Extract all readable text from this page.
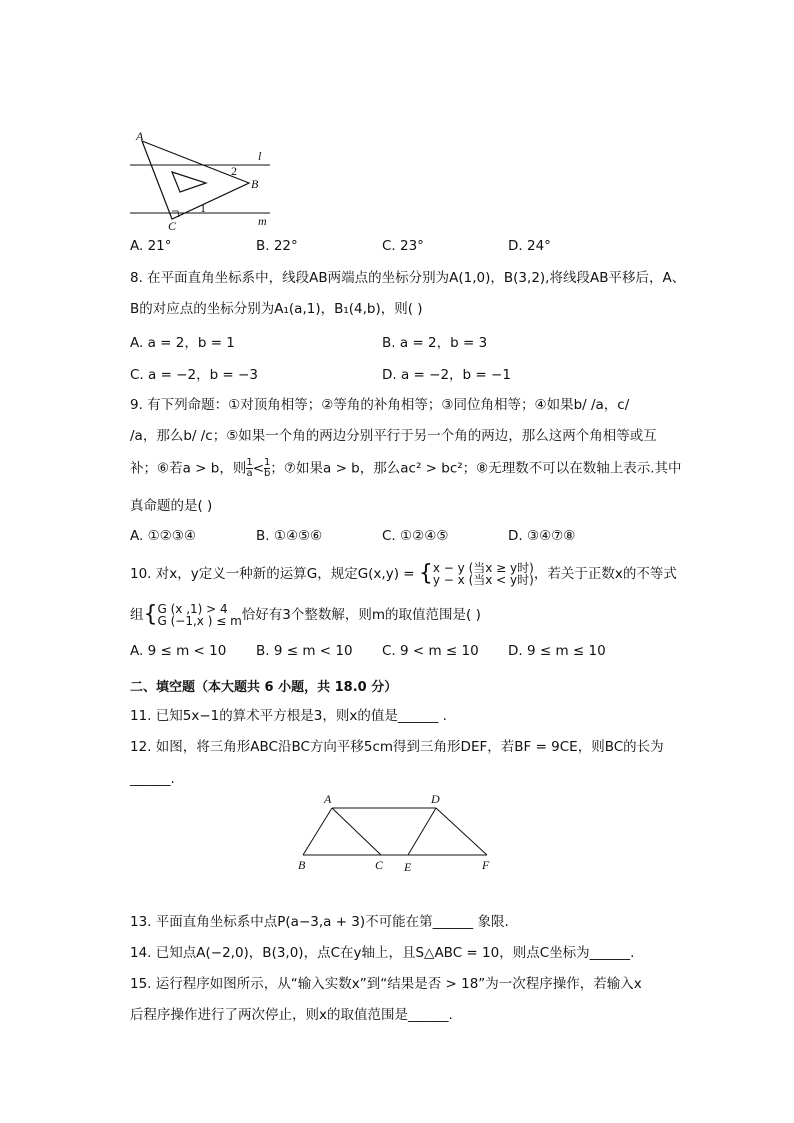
A
B
C
l
m
1
2
A. 21°	B. 22°	C. 23°	D. 24°
8. 在平面直角坐标系中，线段AB两端点的坐标分别为A(1,0)，B(3,2),将线段AB平移后，A、
B的对应点的坐标分别为A₁(a,1)，B₁(4,b)，则( )
A. a = 2，b = 1	B. a = 2，b = 3
C. a = −2，b = −3	D. a = −2，b = −1
9. 有下列命题：①对顶角相等；②等角的补角相等；③同位角相等；④如果b/ /a，c/
/a，那么b/ /c；⑤如果一个角的两边分别平行于另一个角的两边，那么这两个角相等或互
补；⑥若a > b，则 $\frac{1}{a} < \frac{1}{b}$ ；⑦如果a > b，那么ac² > bc²；⑧无理数不可以在数轴上表示.其中
真命题的是( )
A. ①②③④	B. ①④⑤⑥	C. ①②④⑤	D. ③④⑦⑧
10. 对x，y定义一种新的运算G，规定G(x,y) = { x − y (当x ≥ y时)
y − x (当x < y时) ，若关于正数x的不等式
组{ G (x ,1) > 4
G (−1,x ) ≤ m 恰好有3个整数解，则m的取值范围是( )
A. 9 ≤ m < 10 B. 9 ≤ m < 10 C. 9 < m ≤ 10 D. 9 ≤ m ≤ 10
二、填空题（本大题共 6 小题，共 18.0 分）
11. 已知5x−1的算术平方根是3，则x的值是______ .
12. 如图，将三角形ABC沿BC方向平移5cm得到三角形DEF，若BF = 9CE，则BC的长为
______.
A	D
B	C E	F
13. 平面直角坐标系中点P(a−3,a + 3)不可能在第______ 象限.
14. 已知点A(−2,0)，B(3,0)，点C在y轴上，且S△ABC = 10，则点C坐标为______.
15. 运行程序如图所示，从“输入实数x”到“结果是否 > 18”为一次程序操作，若输入x
后程序操作进行了两次停止，则x的取值范围是______.
